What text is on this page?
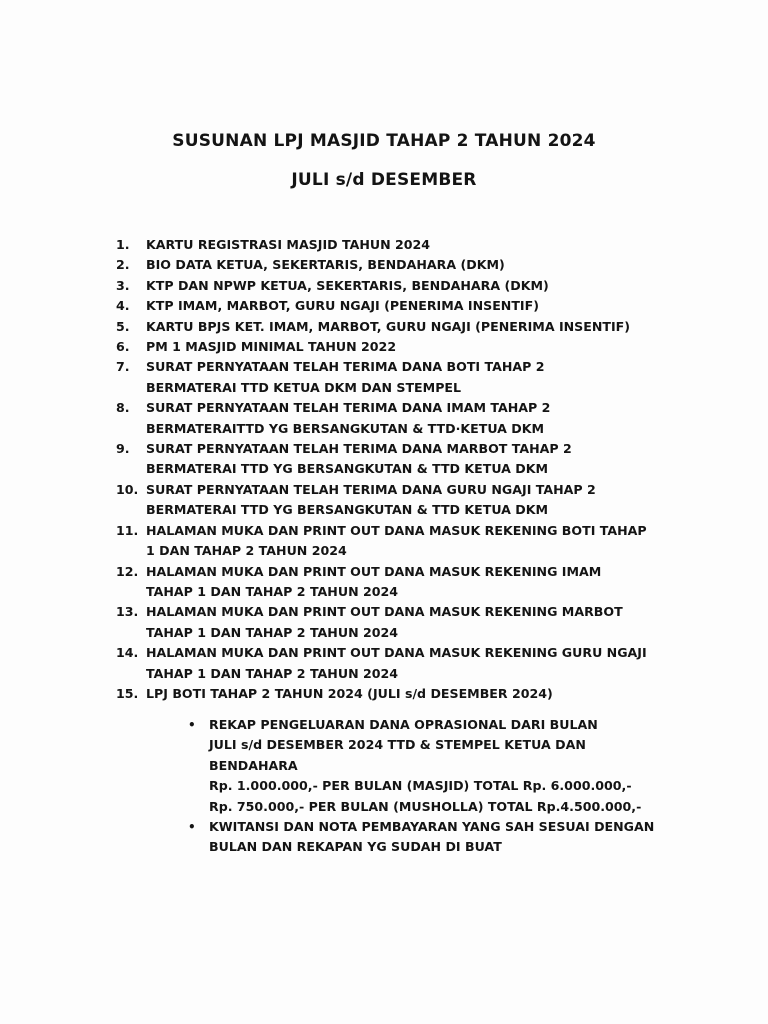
SUSUNAN LPJ MASJID TAHAP 2 TAHUN 2024
JULI s/d DESEMBER
1.	KARTU REGISTRASI MASJID TAHUN 2024
2.	BIO DATA KETUA, SEKERTARIS, BENDAHARA (DKM)
3.	KTP DAN NPWP KETUA, SEKERTARIS, BENDAHARA (DKM)
4.	KTP IMAM, MARBOT, GURU NGAJI (PENERIMA INSENTIF)
5.	KARTU BPJS KET. IMAM, MARBOT, GURU NGAJI (PENERIMA INSENTIF)
6.	PM 1 MASJID MINIMAL TAHUN 2022
7.	SURAT PERNYATAAN TELAH TERIMA DANA BOTI TAHAP 2
BERMATERAI TTD KETUA DKM DAN STEMPEL
8.	SURAT PERNYATAAN TELAH TERIMA DANA IMAM TAHAP 2
BERMATERAITTD YG BERSANGKUTAN & TTD·KETUA DKM
9.	SURAT PERNYATAAN TELAH TERIMA DANA MARBOT TAHAP 2
BERMATERAI TTD YG BERSANGKUTAN & TTD KETUA DKM
10. SURAT PERNYATAAN TELAH TERIMA DANA GURU NGAJI TAHAP 2
BERMATERAI TTD YG BERSANGKUTAN & TTD KETUA DKM
11. HALAMAN MUKA DAN PRINT OUT DANA MASUK REKENING BOTI TAHAP
1 DAN TAHAP 2 TAHUN 2024
12. HALAMAN MUKA DAN PRINT OUT DANA MASUK REKENING IMAM
TAHAP 1 DAN TAHAP 2 TAHUN 2024
13. HALAMAN MUKA DAN PRINT OUT DANA MASUK REKENING MARBOT
TAHAP 1 DAN TAHAP 2 TAHUN 2024
14. HALAMAN MUKA DAN PRINT OUT DANA MASUK REKENING GURU NGAJI
TAHAP 1 DAN TAHAP 2 TAHUN 2024
15. LPJ BOTI TAHAP 2 TAHUN 2024 (JULI s/d DESEMBER 2024)
•	REKAP PENGELUARAN DANA OPRASIONAL DARI BULAN
JULI s/d DESEMBER 2024 TTD & STEMPEL KETUA DAN
BENDAHARA
Rp. 1.000.000,- PER BULAN (MASJID) TOTAL Rp. 6.000.000,-
Rp. 750.000,- PER BULAN (MUSHOLLA) TOTAL Rp.4.500.000,-
•	KWITANSI DAN NOTA PEMBAYARAN YANG SAH SESUAI DENGAN
BULAN DAN REKAPAN YG SUDAH DI BUAT
